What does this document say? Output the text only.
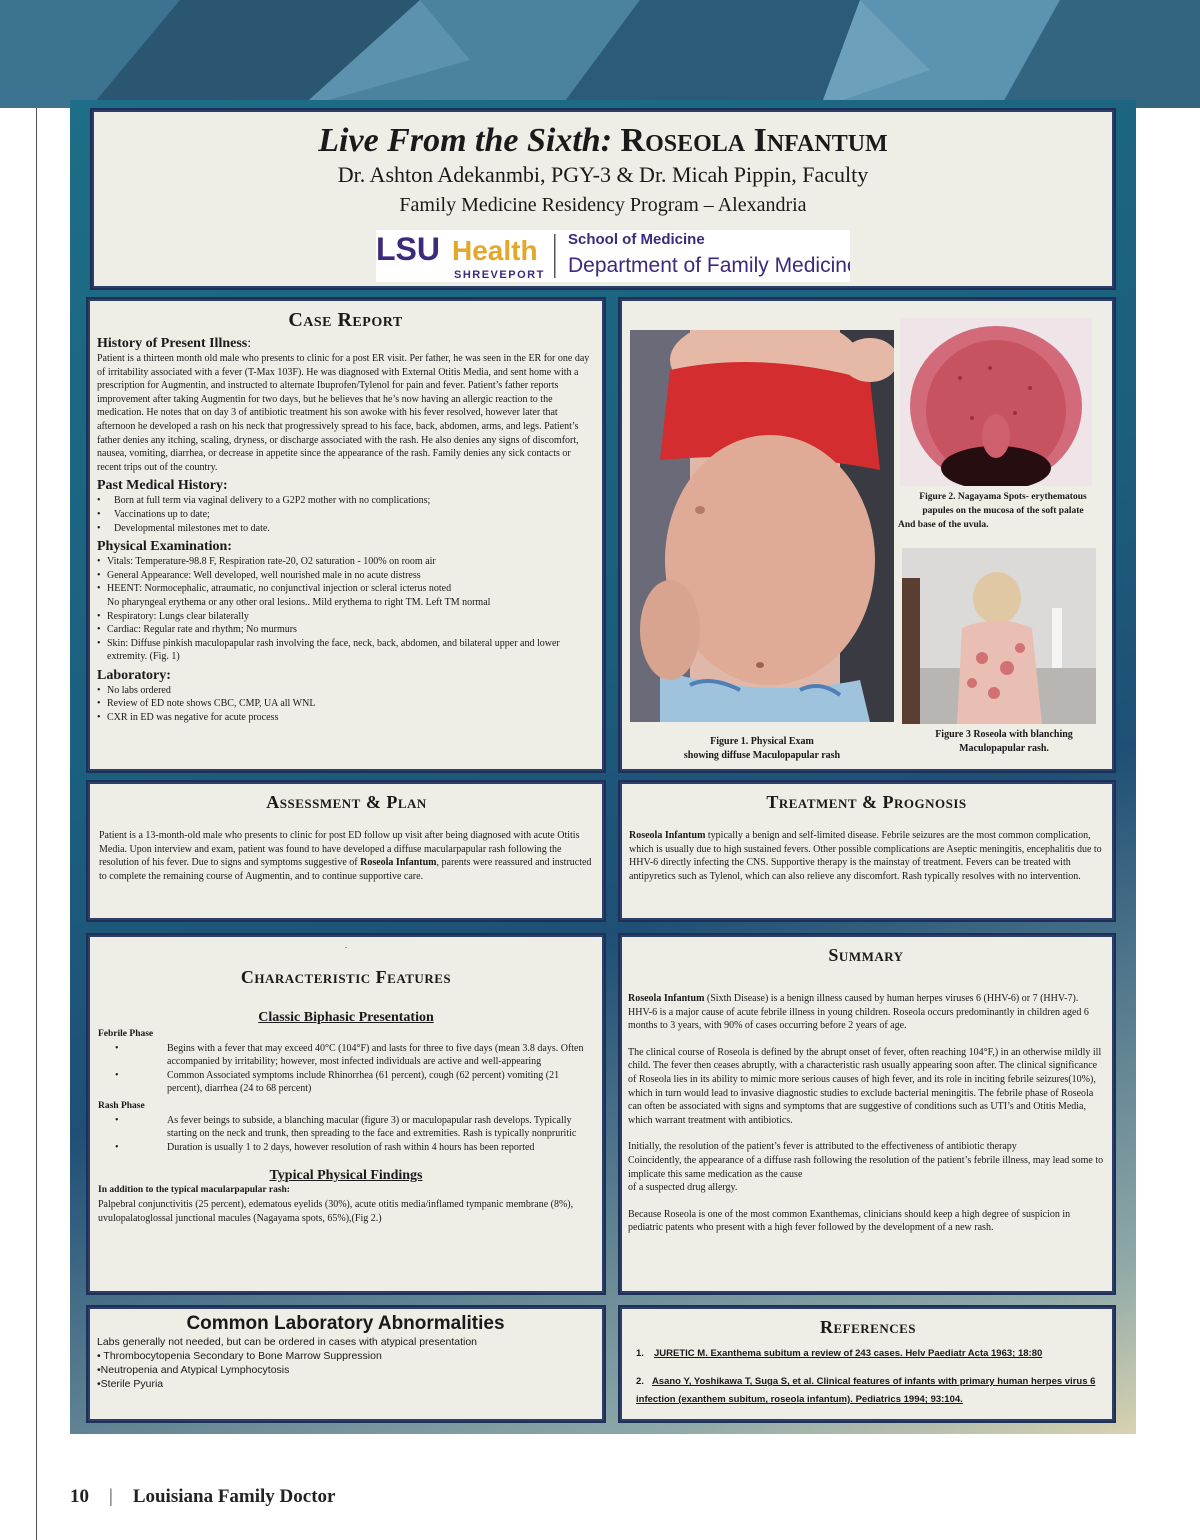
Live From the Sixth: Roseola Infantum
Dr. Ashton Adekanmbi, PGY-3 & Dr. Micah Pippin, Faculty
Family Medicine Residency Program – Alexandria
LSU Health
SHREVEPORT
School of Medicine
Department of Family Medicine
Case Report
History of Present Illness:
Patient is a thirteen month old male who presents to clinic for a post ER visit. Per father, he was seen in the ER for one day of irritability associated with a fever (T-Max 103F). He was diagnosed with External Otitis Media, and sent home with a prescription for Augmentin, and instructed to alternate Ibuprofen/Tylenol for pain and fever. Patient’s father reports improvement after taking Augmentin for two days, but he believes that he’s now having an allergic reaction to the medication. He notes that on day 3 of antibiotic treatment his son awoke with his fever resolved, however later that afternoon he developed a rash on his neck that progressively spread to his face, back, abdomen, arms, and legs. Patient’s father denies any itching, scaling, dryness, or discharge associated with the rash. He also denies any signs of discomfort, nausea, vomiting, diarrhea, or decrease in appetite since the appearance of the rash. Family denies any sick contacts or recent trips out of the country.
Past Medical History:
• Born at full term via vaginal delivery to a G2P2 mother with no complications;
• Vaccinations up to date;
• Developmental milestones met to date.
Physical Examination:
• Vitals: Temperature-98.8 F, Respiration rate-20, O2 saturation - 100% on room air
• General Appearance: Well developed, well nourished male in no acute distress
• HEENT: Normocephalic, atraumatic, no conjunctival injection or scleral icterus noted
No pharyngeal erythema or any other oral lesions.. Mild erythema to right TM. Left TM normal
• Respiratory: Lungs clear bilaterally
• Cardiac: Regular rate and rhythm; No murmurs
• Skin: Diffuse pinkish maculopapular rash involving the face, neck, back, abdomen, and bilateral upper and lower extremity. (Fig. 1)
Laboratory:
• No labs ordered
• Review of ED note shows CBC, CMP, UA all WNL
• CXR in ED was negative for acute process
Figure 1. Physical Exam
showing diffuse Maculopapular rash
Figure 2. Nagayama Spots- erythematous
papules on the mucosa of the soft palate
And base of the uvula.
Figure 3 Roseola with blanching
Maculopapular rash.
Assessment & Plan
Patient is a 13-month-old male who presents to clinic for post ED follow up visit after being diagnosed with acute Otitis Media. Upon interview and exam, patient was found to have developed a diffuse macularpapular rash following the resolution of his fever. Due to signs and symptoms suggestive of Roseola Infantum, parents were reassured and instructed to complete the remaining course of Augmentin, and to continue supportive care.
Treatment & Prognosis
Roseola Infantum typically a benign and self-limited disease. Febrile seizures are the most common complication, which is usually due to high sustained fevers. Other possible complications are Aseptic meningitis, encephalitis due to HHV-6 directly infecting the CNS. Supportive therapy is the mainstay of treatment. Fevers can be treated with antipyretics such as Tylenol, which can also relieve any discomfort. Rash typically resolves with no intervention.
.
Characteristic Features
Classic Biphasic Presentation
Febrile Phase
• Begins with a fever that may exceed 40°C (104°F) and lasts for three to five days (mean 3.8 days. Often accompanied by irritability; however, most infected individuals are active and well-appearing
• Common Associated symptoms include Rhinorrhea (61 percent), cough (62 percent) vomiting (21 percent), diarrhea (24 to 68 percent)
Rash Phase
• As fever beings to subside, a blanching macular (figure 3) or maculopapular rash develops. Typically starting on the neck and trunk, then spreading to the face and extremities. Rash is typically nonpruritic
• Duration is usually 1 to 2 days, however resolution of rash within 4 hours has been reported
Typical Physical Findings
In addition to the typical macularpapular rash:
Palpebral conjunctivitis (25 percent), edematous eyelids (30%), acute otitis media/inflamed tympanic membrane (8%), uvulopalatoglossal junctional macules (Nagayama spots, 65%),(Fig 2.)
Summary
Roseola Infantum (Sixth Disease) is a benign illness caused by human herpes viruses 6 (HHV-6) or 7 (HHV-7). HHV-6 is a major cause of acute febrile illness in young children. Roseola occurs predominantly in children aged 6 months to 3 years, with 90% of cases occurring before 2 years of age.
The clinical course of Roseola is defined by the abrupt onset of fever, often reaching 104°F,) in an otherwise mildly ill child. The fever then ceases abruptly, with a characteristic rash usually appearing soon after. The clinical significance of Roseola lies in its ability to mimic more serious causes of high fever, and its role in inciting febrile seizures(10%), which in turn would lead to invasive diagnostic studies to exclude bacterial meningitis. The febrile phase of Roseola can often be associated with signs and symptoms that are suggestive of conditions such as UTI’s and Otitis Media, which warrant treatment with antibiotics.
Initially, the resolution of the patient’s fever is attributed to the effectiveness of antibiotic therapy
Coincidently, the appearance of a diffuse rash following the resolution of the patient’s febrile illness, may lead some to implicate this same medication as the cause
of a suspected drug allergy.
Because Roseola is one of the most common Exanthemas, clinicians should keep a high degree of suspicion in pediatric patents who present with a high fever followed by the development of a new rash.
Common Laboratory Abnormalities
Labs generally not needed, but can be ordered in cases with atypical presentation
• Thrombocytopenia Secondary to Bone Marrow Suppression
•Neutropenia and Atypical Lymphocytosis
•Sterile Pyuria
References
1.	JURETIC M. Exanthema subitum a review of 243 cases. Helv Paediatr Acta 1963; 18:80
2. Asano Y, Yoshikawa T, Suga S, et al. Clinical features of infants with primary human herpes virus 6 infection (exanthem subitum, roseola infantum). Pediatrics 1994; 93:104.
10 | Louisiana Family Doctor
